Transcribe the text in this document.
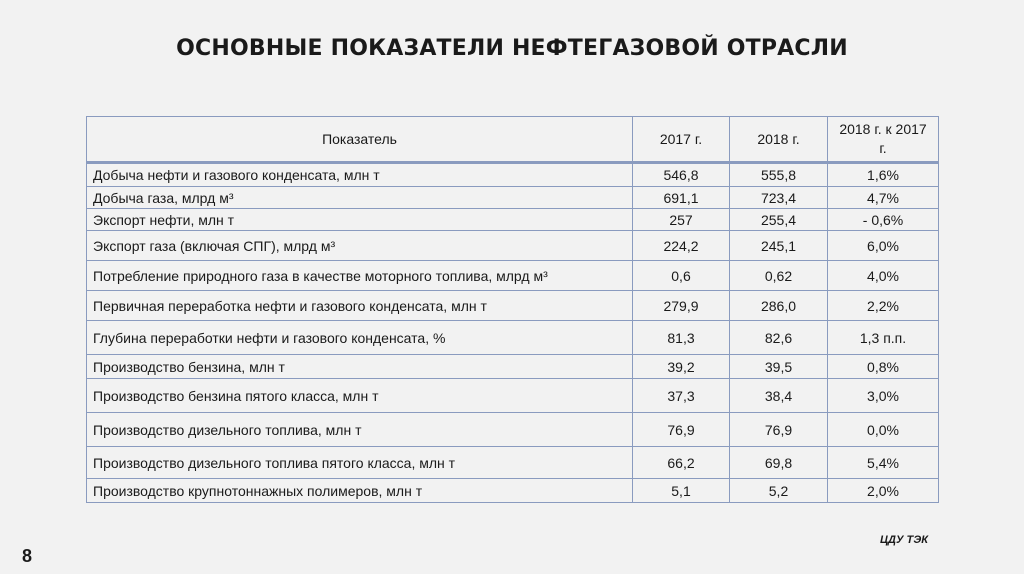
ОСНОВНЫЕ ПОКАЗАТЕЛИ НЕФТЕГАЗОВОЙ ОТРАСЛИ
Показатель	2017 г.	2018 г.	2018 г. к 2017 г.
Добыча нефти и газового конденсата, млн т	546,8	555,8	1,6%
Добыча газа, млрд м³	691,1	723,4	4,7%
Экспорт нефти, млн т	257	255,4	- 0,6%
Экспорт газа (включая СПГ), млрд м³	224,2	245,1	6,0%
Потребление природного газа в качестве моторного топлива, млрд м³	0,6	0,62	4,0%
Первичная переработка нефти и газового конденсата, млн т	279,9	286,0	2,2%
Глубина переработки нефти и газового конденсата, %	81,3	82,6	1,3 п.п.
Производство бензина, млн т	39,2	39,5	0,8%
Производство бензина пятого класса, млн т	37,3	38,4	3,0%
Производство дизельного топлива, млн т	76,9	76,9	0,0%
Производство дизельного топлива пятого класса, млн т	66,2	69,8	5,4%
Производство крупнотоннажных полимеров, млн т	5,1	5,2	2,0%
8
ЦДУ ТЭК
